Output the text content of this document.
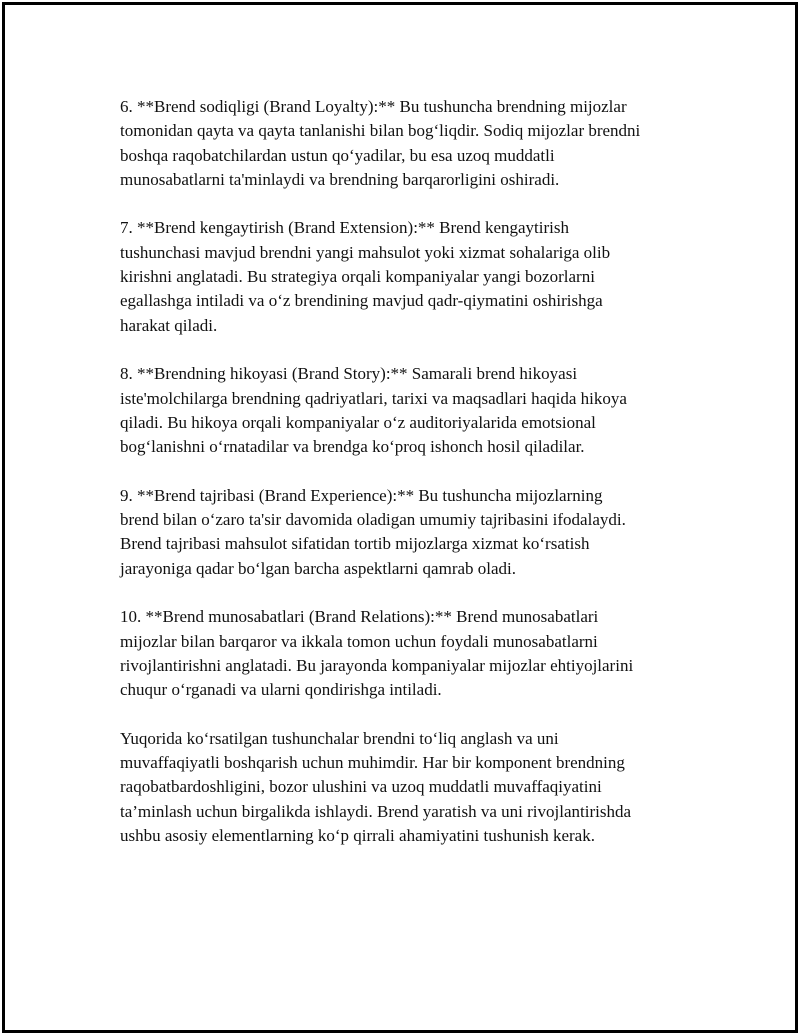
6. **Brend sodiqligi (Brand Loyalty):** Bu tushuncha brendning mijozlar
tomonidan qayta va qayta tanlanishi bilan bog‘liqdir. Sodiq mijozlar brendni
boshqa raqobatchilardan ustun qo‘yadilar, bu esa uzoq muddatli
munosabatlarni ta'minlaydi va brendning barqarorligini oshiradi.

7. **Brend kengaytirish (Brand Extension):** Brend kengaytirish
tushunchasi mavjud brendni yangi mahsulot yoki xizmat sohalariga olib
kirishni anglatadi. Bu strategiya orqali kompaniyalar yangi bozorlarni
egallashga intiladi va o‘z brendining mavjud qadr-qiymatini oshirishga
harakat qiladi.

8. **Brendning hikoyasi (Brand Story):** Samarali brend hikoyasi
iste'molchilarga brendning qadriyatlari, tarixi va maqsadlari haqida hikoya
qiladi. Bu hikoya orqali kompaniyalar o‘z auditoriyalarida emotsional
bog‘lanishni o‘rnatadilar va brendga ko‘proq ishonch hosil qiladilar.

9. **Brend tajribasi (Brand Experience):** Bu tushuncha mijozlarning
brend bilan o‘zaro ta'sir davomida oladigan umumiy tajribasini ifodalaydi.
Brend tajribasi mahsulot sifatidan tortib mijozlarga xizmat ko‘rsatish
jarayoniga qadar bo‘lgan barcha aspektlarni qamrab oladi.

10. **Brend munosabatlari (Brand Relations):** Brend munosabatlari
mijozlar bilan barqaror va ikkala tomon uchun foydali munosabatlarni
rivojlantirishni anglatadi. Bu jarayonda kompaniyalar mijozlar ehtiyojlarini
chuqur o‘rganadi va ularni qondirishga intiladi.

Yuqorida ko‘rsatilgan tushunchalar brendni to‘liq anglash va uni
muvaffaqiyatli boshqarish uchun muhimdir. Har bir komponent brendning
raqobatbardoshligini, bozor ulushini va uzoq muddatli muvaffaqiyatini
ta’minlash uchun birgalikda ishlaydi. Brend yaratish va uni rivojlantirishda
ushbu asosiy elementlarning ko‘p qirrali ahamiyatini tushunish kerak.
